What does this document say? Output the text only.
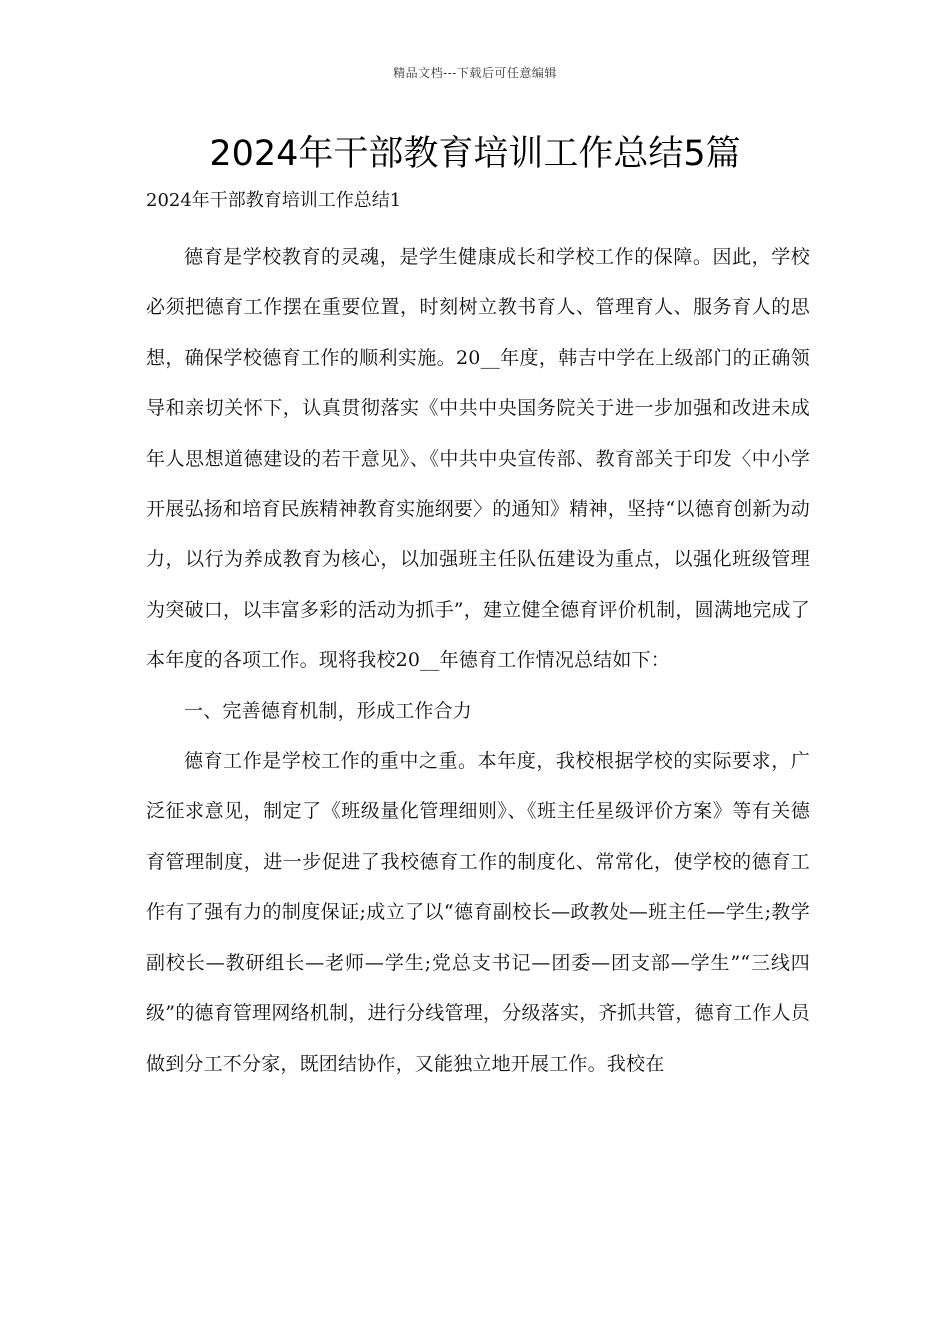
精品文档---下载后可任意编辑
2024年干部教育培训工作总结5篇

2024年干部教育培训工作总结1

德育是学校教育的灵魂，是学生健康成长和学校工作的保障。因此，学校必须把德育工作摆在重要位置，时刻树立教书育人、管理育人、服务育人的思想，确保学校德育工作的顺利实施。20__年度，韩吉中学在上级部门的正确领导和亲切关怀下，认真贯彻落实《中共中央国务院关于进一步加强和改进未成年人思想道德建设的若干意见》、《中共中央宣传部、教育部关于印发〈中小学开展弘扬和培育民族精神教育实施纲要〉的通知》精神，坚持“以德育创新为动力，以行为养成教育为核心，以加强班主任队伍建设为重点，以强化班级管理为突破口，以丰富多彩的活动为抓手”，建立健全德育评价机制，圆满地完成了本年度的各项工作。现将我校20__年德育工作情况总结如下：

一、完善德育机制，形成工作合力

德育工作是学校工作的重中之重。本年度，我校根据学校的实际要求，广泛征求意见，制定了《班级量化管理细则》、《班主任星级评价方案》等有关德育管理制度，进一步促进了我校德育工作的制度化、常常化，使学校的德育工作有了强有力的制度保证;成立了以“德育副校长—政教处—班主任—学生;教学副校长—教研组长—老师—学生;党总支书记—团委—团支部—学生”“三线四级”的德育管理网络机制，进行分线管理，分级落实，齐抓共管，德育工作人员做到分工不分家，既团结协作，又能独立地开展工作。我校在
